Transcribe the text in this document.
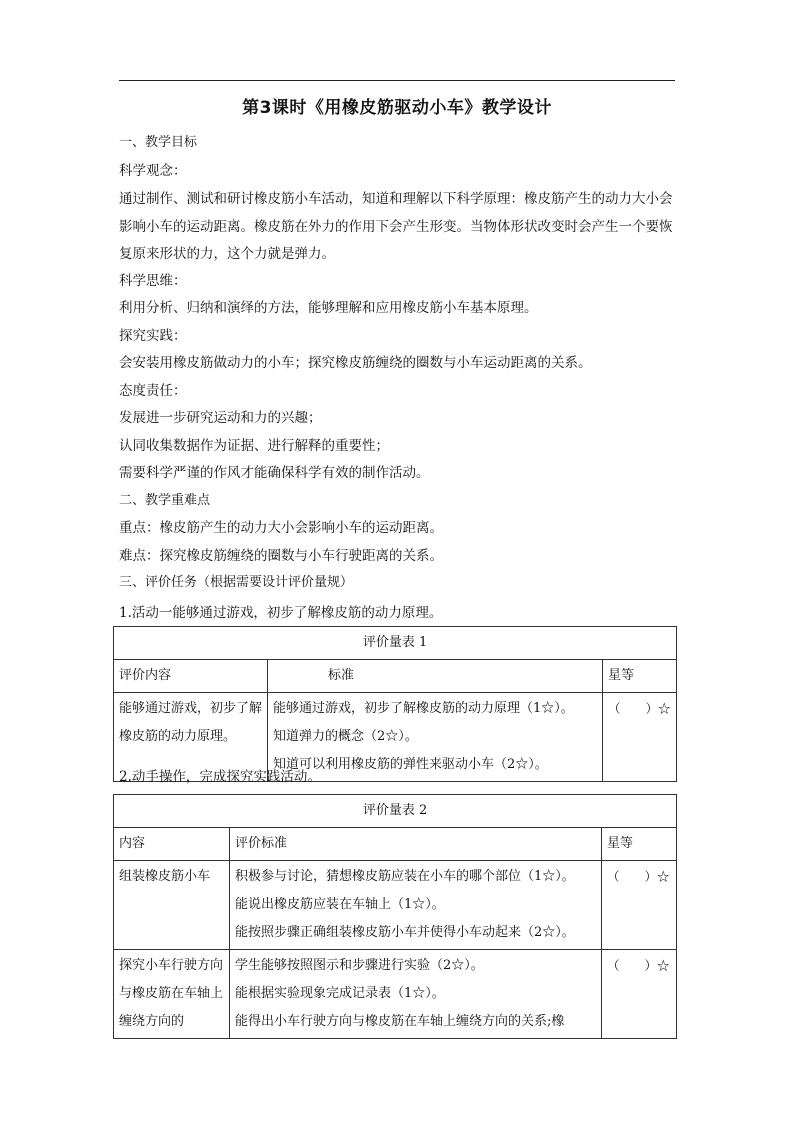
第3课时《用橡皮筋驱动小车》教学设计
一、教学目标
科学观念：
通过制作、测试和研讨橡皮筋小车活动，知道和理解以下科学原理：橡皮筋产生的动力大小会影响小车的运动距离。橡皮筋在外力的作用下会产生形变。当物体形状改变时会产生一个要恢复原来形状的力，这个力就是弹力。
科学思维：
利用分析、归纳和演绎的方法，能够理解和应用橡皮筋小车基本原理。
探究实践：
会安装用橡皮筋做动力的小车；探究橡皮筋缠绕的圈数与小车运动距离的关系。
态度责任：
发展进一步研究运动和力的兴趣；
认同收集数据作为证据、进行解释的重要性；
需要科学严谨的作风才能确保科学有效的制作活动。
二、教学重难点
重点：橡皮筋产生的动力大小会影响小车的运动距离。
难点：探究橡皮筋缠绕的圈数与小车行驶距离的关系。
三、评价任务（根据需要设计评价量规）
1.活动一能够通过游戏，初步了解橡皮筋的动力原理。
评价量表 1		
评价内容	标准	星等
能够通过游戏，初步了解橡皮筋的动力原理。	能够通过游戏，初步了解橡皮筋的动力原理（1☆）。
知道弹力的概念（2☆）。
知道可以利用橡皮筋的弹性来驱动小车（2☆）。	（　　）☆
2.动手操作，完成探究实践活动。
评价量表 2		
内容	评价标准	星等
组装橡皮筋小车	积极参与讨论，猜想橡皮筋应装在小车的哪个部位（1☆）。
能说出橡皮筋应装在车轴上（1☆）。
能按照步骤正确组装橡皮筋小车并使得小车动起来（2☆）。	（　　）☆
探究小车行驶方向与橡皮筋在车轴上缠绕方向的	学生能够按照图示和步骤进行实验（2☆）。
能根据实验现象完成记录表（1☆）。
能得出小车行驶方向与橡皮筋在车轴上缠绕方向的关系;橡	（　　）☆
